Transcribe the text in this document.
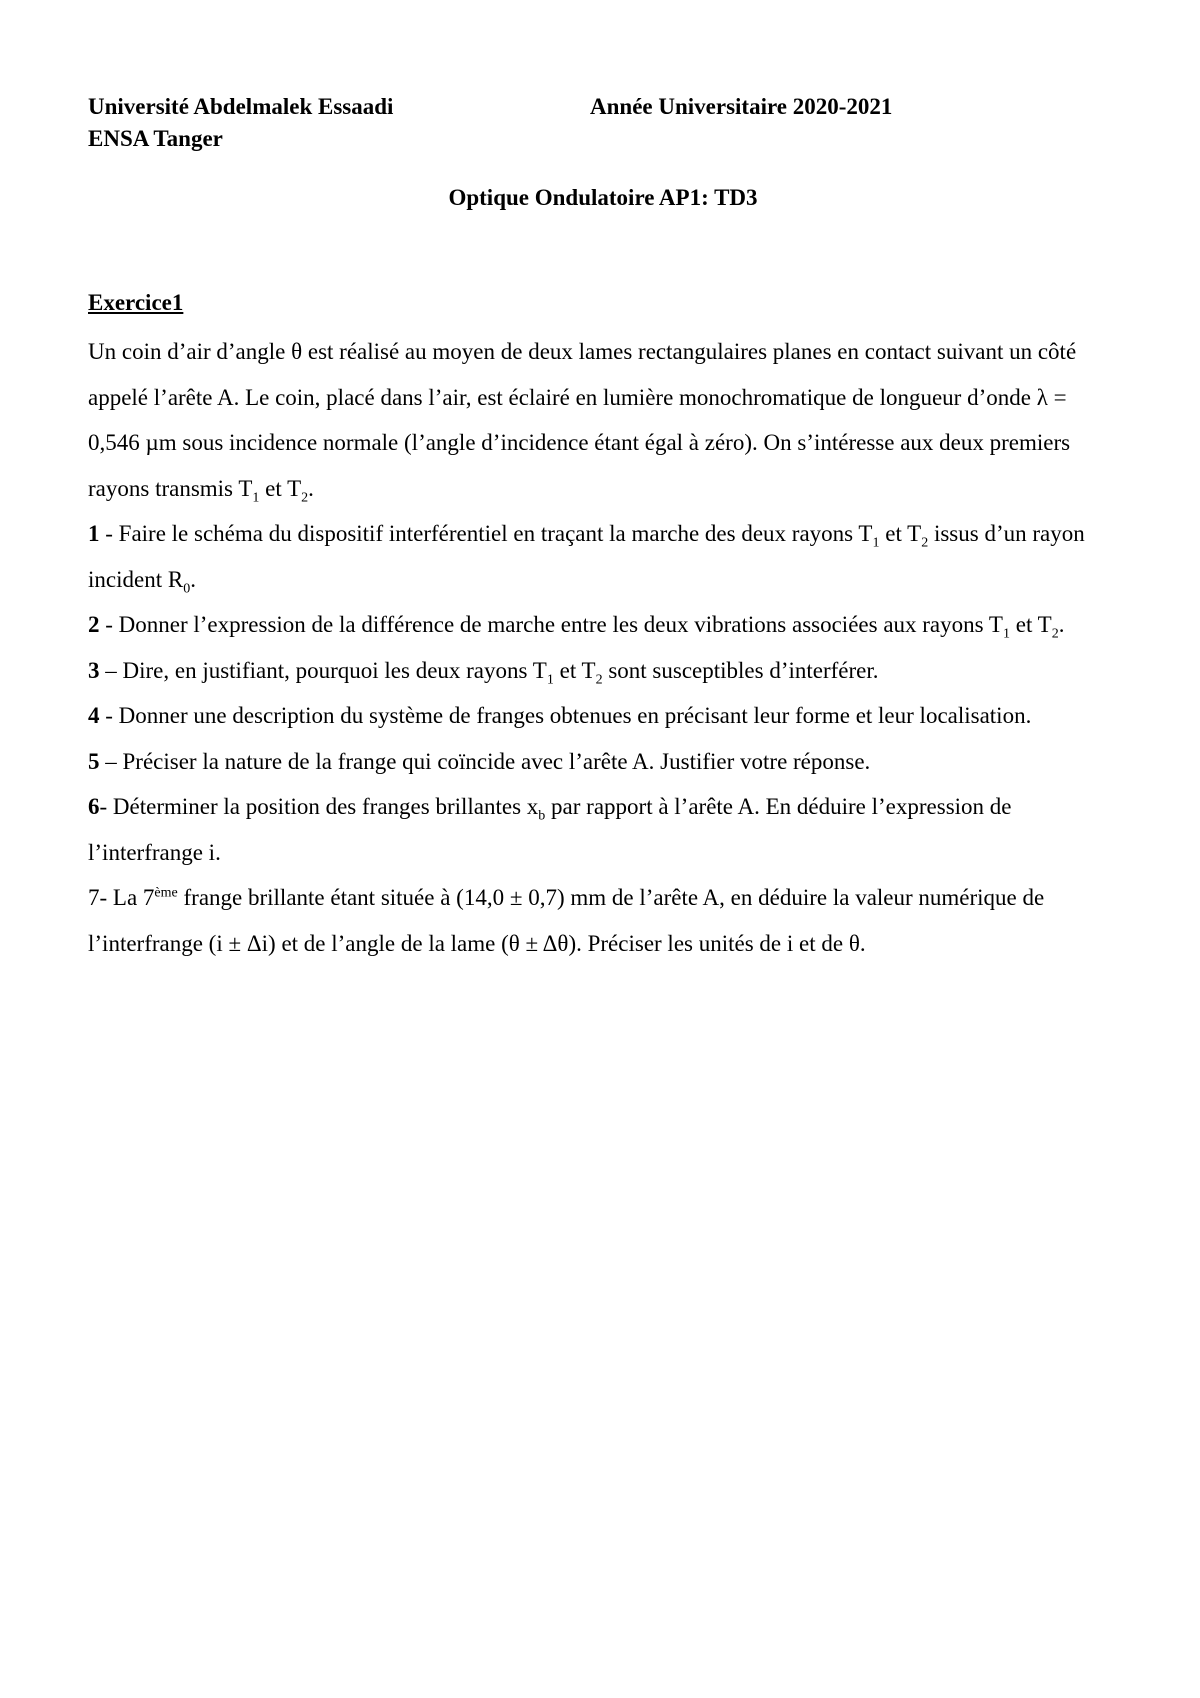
Université Abdelmalek Essaadi	Année Universitaire 2020-2021
ENSA Tanger
Optique Ondulatoire AP1: TD3
Exercice1

Un coin d’air d’angle θ est réalisé au moyen de deux lames rectangulaires planes en contact suivant un côté appelé l’arête A. Le coin, placé dans l’air, est éclairé en lumière monochromatique de longueur d’onde λ = 0,546 µm sous incidence normale (l’angle d’incidence étant égal à zéro). On s’intéresse aux deux premiers rayons transmis $T_1$ et $T_2$.

1 - Faire le schéma du dispositif interférentiel en traçant la marche des deux rayons $T_1$ et $T_2$ issus d’un rayon incident $R_0$.

2 - Donner l’expression de la différence de marche entre les deux vibrations associées aux rayons $T_1$ et $T_2$.

3 – Dire, en justifiant, pourquoi les deux rayons $T_1$ et $T_2$ sont susceptibles d’interférer.

4 - Donner une description du système de franges obtenues en précisant leur forme et leur localisation.

5 – Préciser la nature de la frange qui coïncide avec l’arête A. Justifier votre réponse.

6- Déterminer la position des franges brillantes $x_b$ par rapport à l’arête A. En déduire l’expression de l’interfrange i.

7- La 7ème frange brillante étant située à (14,0 ± 0,7) mm de l’arête A, en déduire la valeur numérique de l’interfrange (i ± Δi) et de l’angle de la lame (θ ± Δθ). Préciser les unités de i et de θ.
